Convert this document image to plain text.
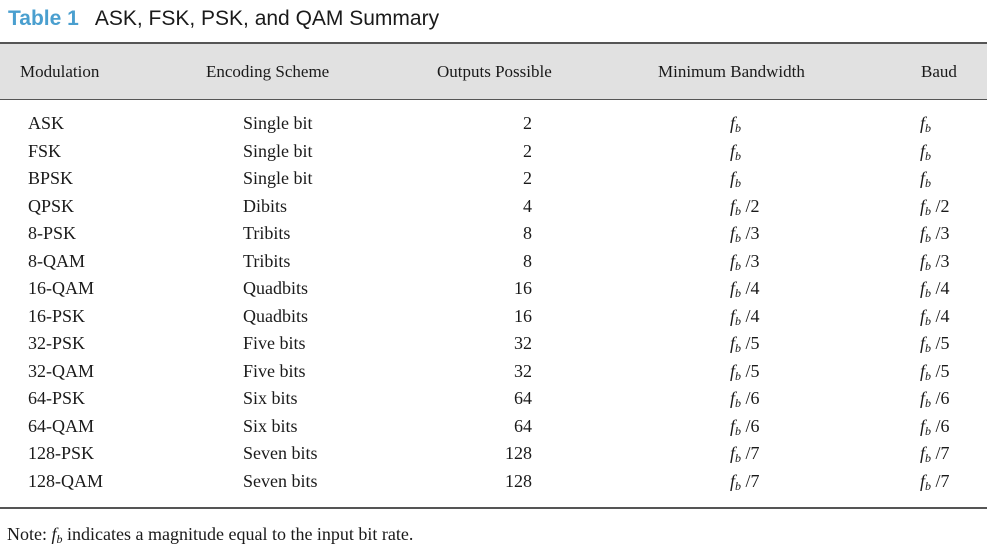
Table 1 ASK, FSK, PSK, and QAM Summary
Modulation	Encoding Scheme	Outputs Possible	Minimum Bandwidth	Baud
ASK	Single bit	2	$f_b$	$f_b$
FSK	Single bit	2	$f_b$	$f_b$
BPSK	Single bit	2	$f_b$	$f_b$
QPSK	Dibits	4	$f_b$ /2	$f_b$ /2
8-PSK	Tribits	8	$f_b$ /3	$f_b$ /3
8-QAM	Tribits	8	$f_b$ /3	$f_b$ /3
16-QAM	Quadbits	16	$f_b$ /4	$f_b$ /4
16-PSK	Quadbits	16	$f_b$ /4	$f_b$ /4
32-PSK	Five bits	32	$f_b$ /5	$f_b$ /5
32-QAM	Five bits	32	$f_b$ /5	$f_b$ /5
64-PSK	Six bits	64	$f_b$ /6	$f_b$ /6
64-QAM	Six bits	64	$f_b$ /6	$f_b$ /6
128-PSK	Seven bits	128	$f_b$ /7	$f_b$ /7
128-QAM	Seven bits	128	$f_b$ /7	$f_b$ /7
Note: $f_b$ indicates a magnitude equal to the input bit rate.
